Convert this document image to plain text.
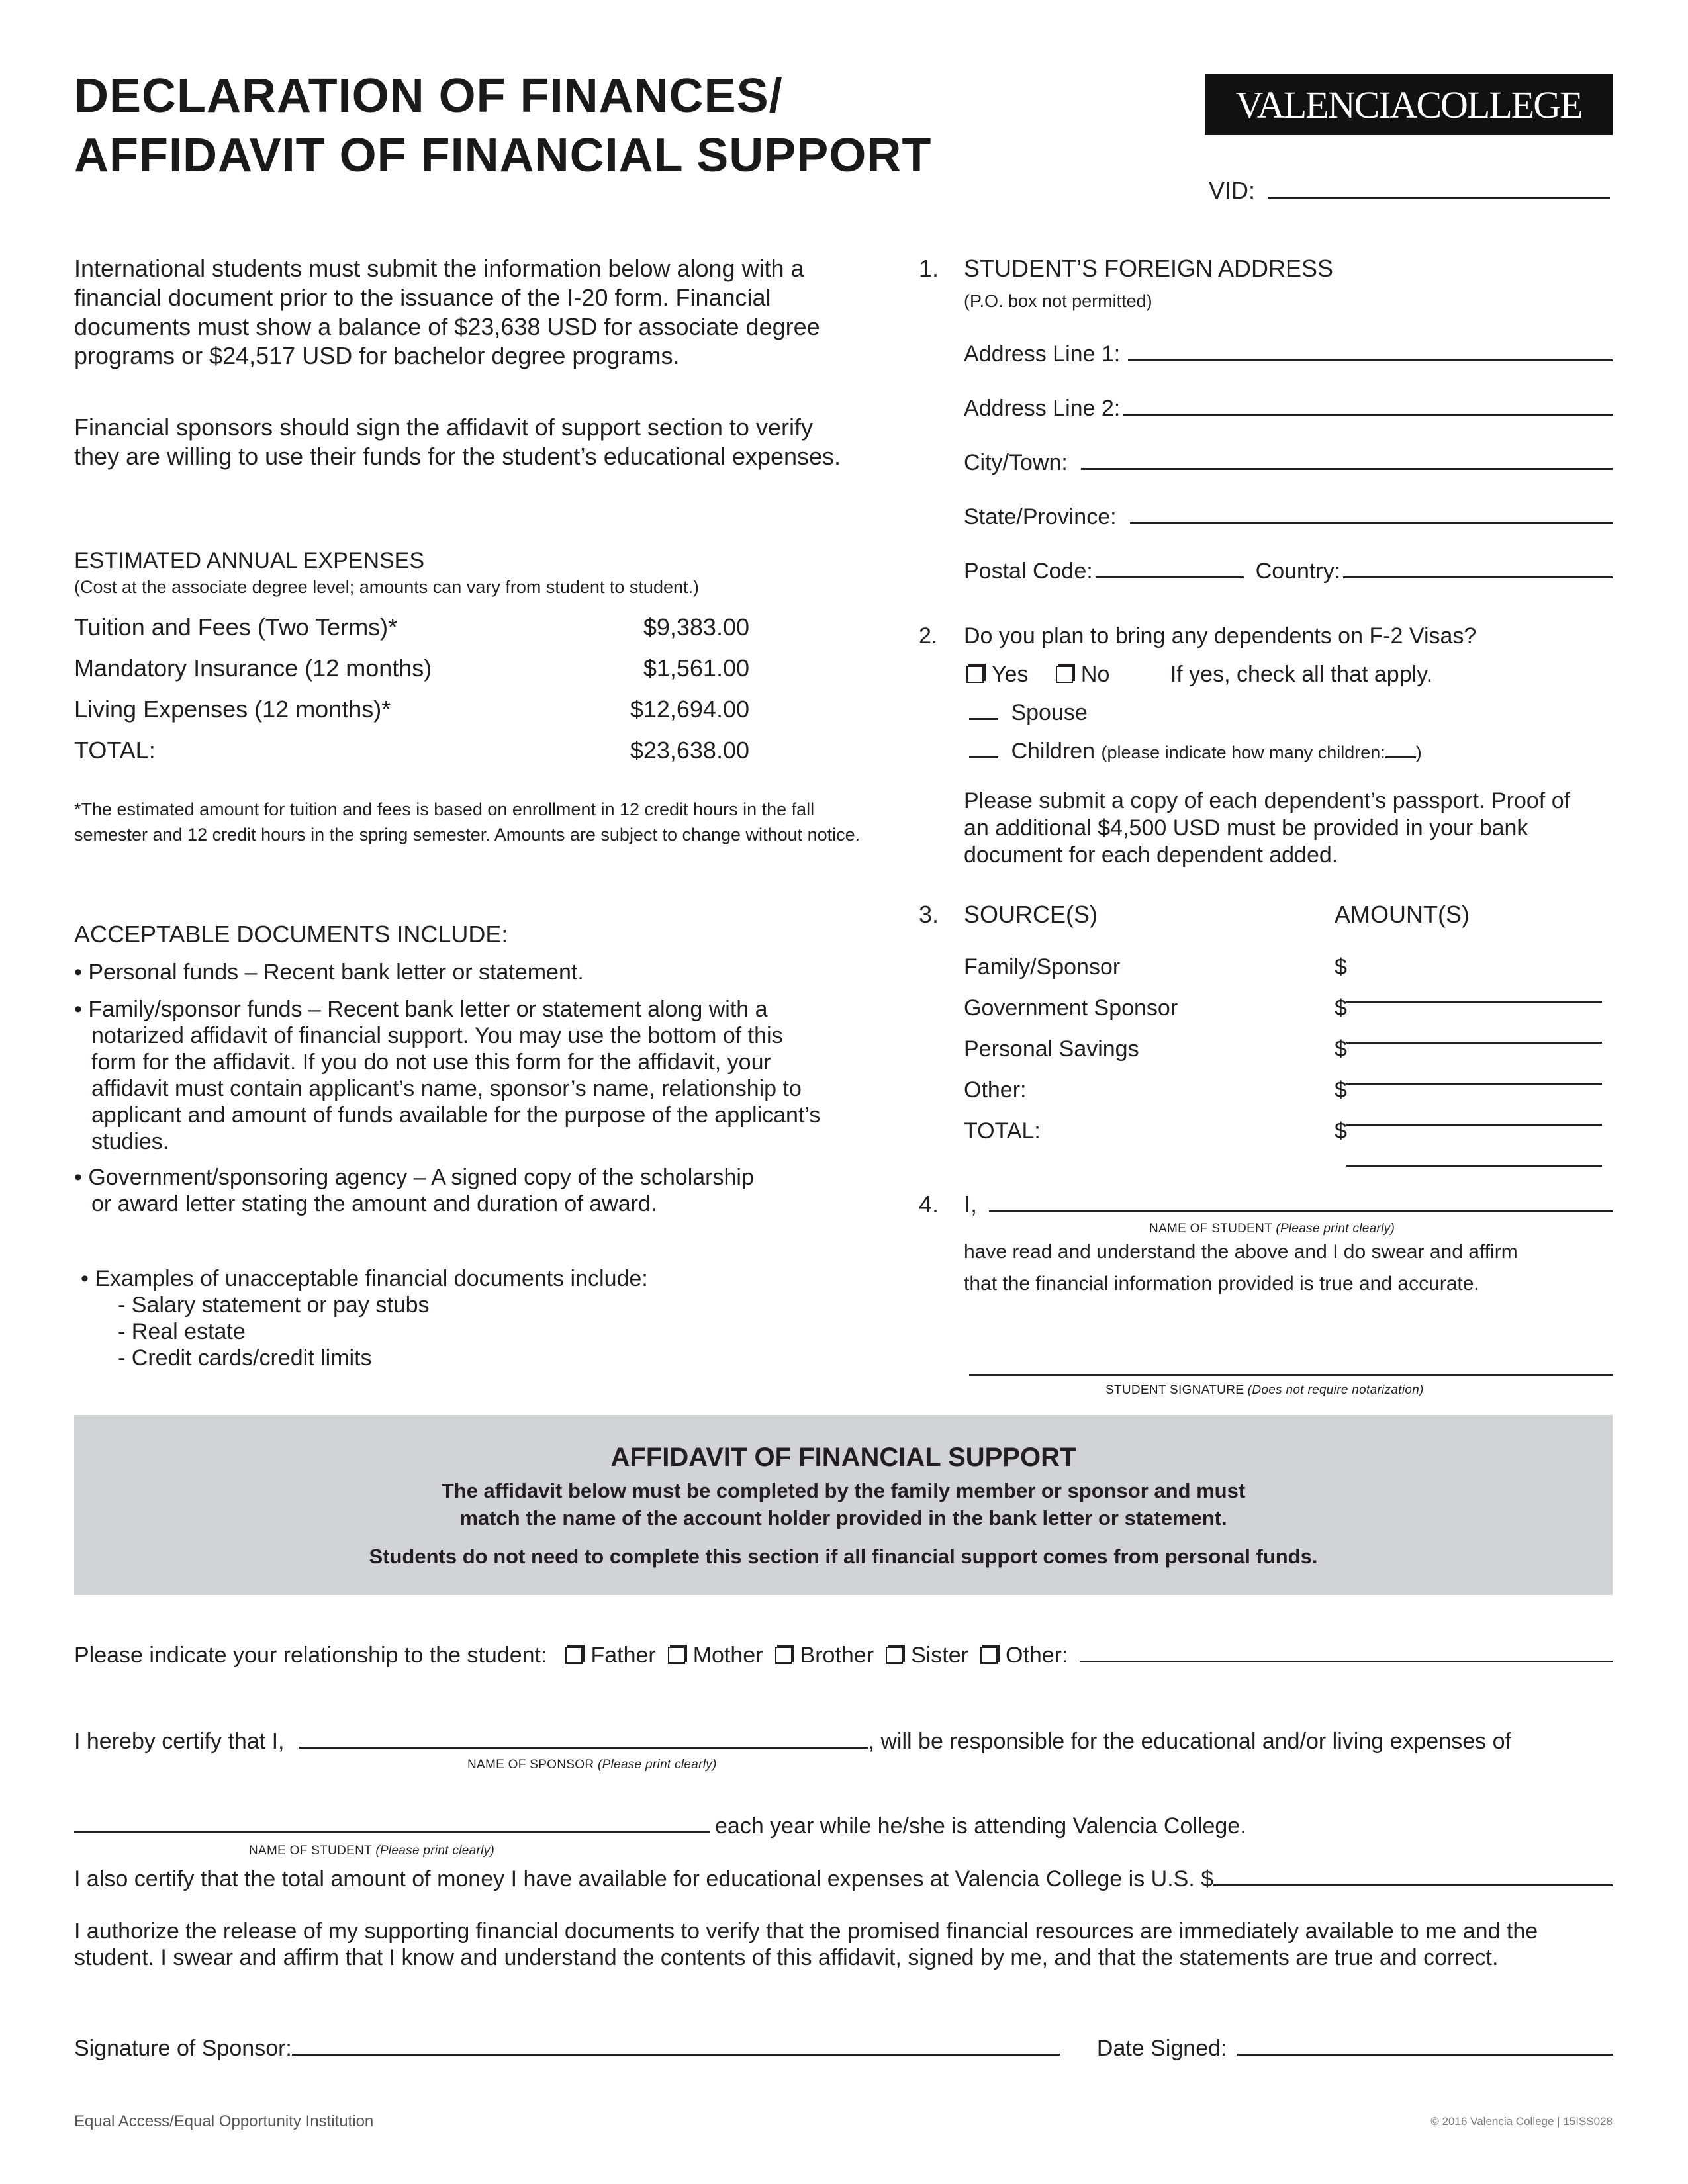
DECLARATION OF FINANCES/
AFFIDAVIT OF FINANCIAL SUPPORT
VALENCIACOLLEGE
VID:
International students must submit the information below along with a financial document prior to the issuance of the I-20 form. Financial documents must show a balance of $23,638 USD for associate degree programs or $24,517 USD for bachelor degree programs.
Financial sponsors should sign the affidavit of support section to verify they are willing to use their funds for the student’s educational expenses.
ESTIMATED ANNUAL EXPENSES
(Cost at the associate degree level; amounts can vary from student to student.)
Tuition and Fees (Two Terms)*	$9,383.00
Mandatory Insurance (12 months)	$1,561.00
Living Expenses (12 months)*	$12,694.00
TOTAL:	$23,638.00
*The estimated amount for tuition and fees is based on enrollment in 12 credit hours in the fall semester and 12 credit hours in the spring semester. Amounts are subject to change without notice.
ACCEPTABLE DOCUMENTS INCLUDE:
• Personal funds – Recent bank letter or statement.
• Family/sponsor funds – Recent bank letter or statement along with a notarized affidavit of financial support. You may use the bottom of this form for the affidavit. If you do not use this form for the affidavit, your affidavit must contain applicant’s name, sponsor’s name, relationship to applicant and amount of funds available for the purpose of the applicant’s studies.
• Government/sponsoring agency – A signed copy of the scholarship or award letter stating the amount and duration of award.
• Examples of unacceptable financial documents include:
- Salary statement or pay stubs
- Real estate
- Credit cards/credit limits
1. STUDENT’S FOREIGN ADDRESS
(P.O. box not permitted)
Address Line 1:
Address Line 2:
City/Town:
State/Province:
Postal Code:	Country:
2. Do you plan to bring any dependents on F-2 Visas?
Yes No	If yes, check all that apply.
Spouse
Children (please indicate how many children: )
Please submit a copy of each dependent’s passport. Proof of an additional $4,500 USD must be provided in your bank document for each dependent added.
3. SOURCE(S)	AMOUNT(S)
Family/Sponsor	$
Government Sponsor	$
Personal Savings	$
Other:	$
TOTAL:	$
4. I,
NAME OF STUDENT (Please print clearly)
have read and understand the above and I do swear and affirm
that the financial information provided is true and accurate.
STUDENT SIGNATURE (Does not require notarization)
AFFIDAVIT OF FINANCIAL SUPPORT
The affidavit below must be completed by the family member or sponsor and must
match the name of the account holder provided in the bank letter or statement.
Students do not need to complete this section if all financial support comes from personal funds.
Please indicate your relationship to the student:	Father	Mother	Brother	Sister	Other:
I hereby certify that I,	, will be responsible for the educational and/or living expenses of
NAME OF SPONSOR (Please print clearly)
each year while he/she is attending Valencia College.
NAME OF STUDENT (Please print clearly)
I also certify that the total amount of money I have available for educational expenses at Valencia College is U.S. $
I authorize the release of my supporting financial documents to verify that the promised financial resources are immediately available to me and the student. I swear and affirm that I know and understand the contents of this affidavit, signed by me, and that the statements are true and correct.
Signature of Sponsor:	Date Signed:
Equal Access/Equal Opportunity Institution	© 2016 Valencia College | 15ISS028
